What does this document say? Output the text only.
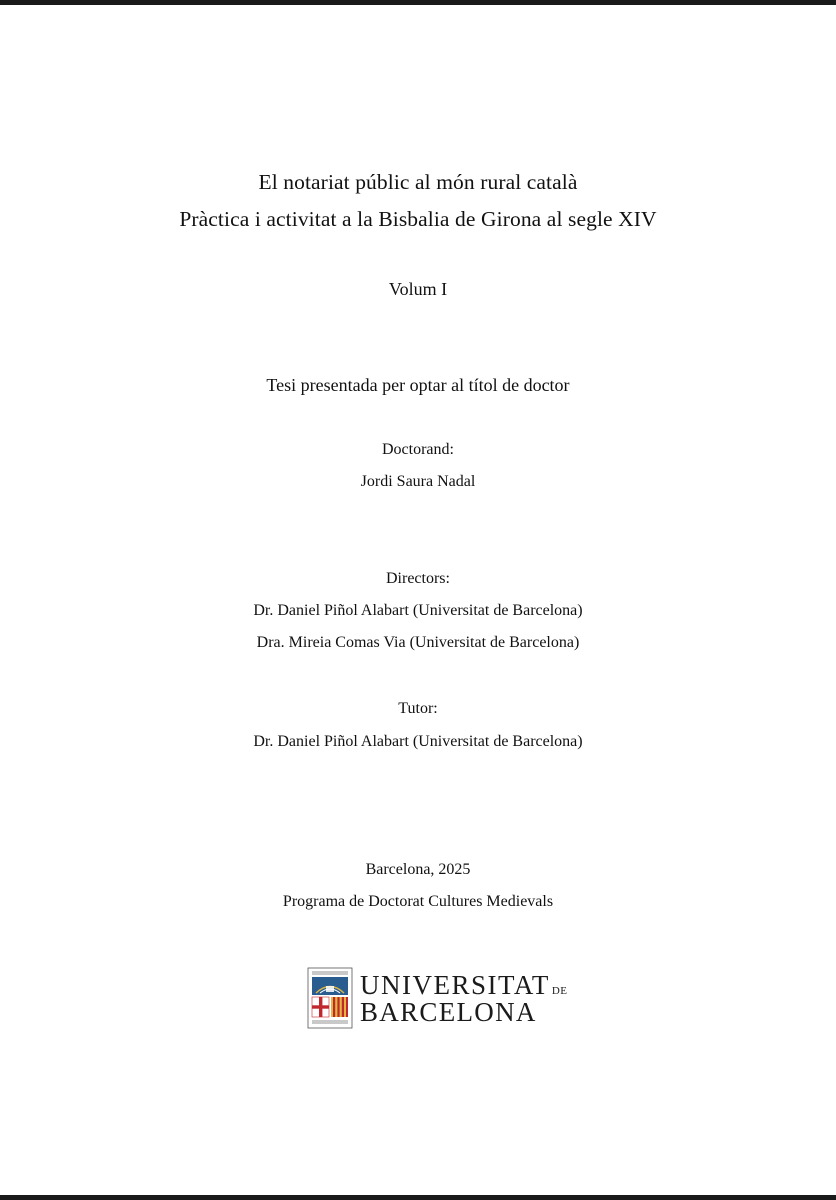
El notariat públic al món rural català
Pràctica i activitat a la Bisbalia de Girona al segle XIV
Volum I
Tesi presentada per optar al títol de doctor
Doctorand:
Jordi Saura Nadal
Directors:
Dr. Daniel Piñol Alabart (Universitat de Barcelona)
Dra. Mireia Comas Via (Universitat de Barcelona)
Tutor:
Dr. Daniel Piñol Alabart (Universitat de Barcelona)
Barcelona, 2025
Programa de Doctorat Cultures Medievals
UNIVERSITAT DE
BARCELONA
